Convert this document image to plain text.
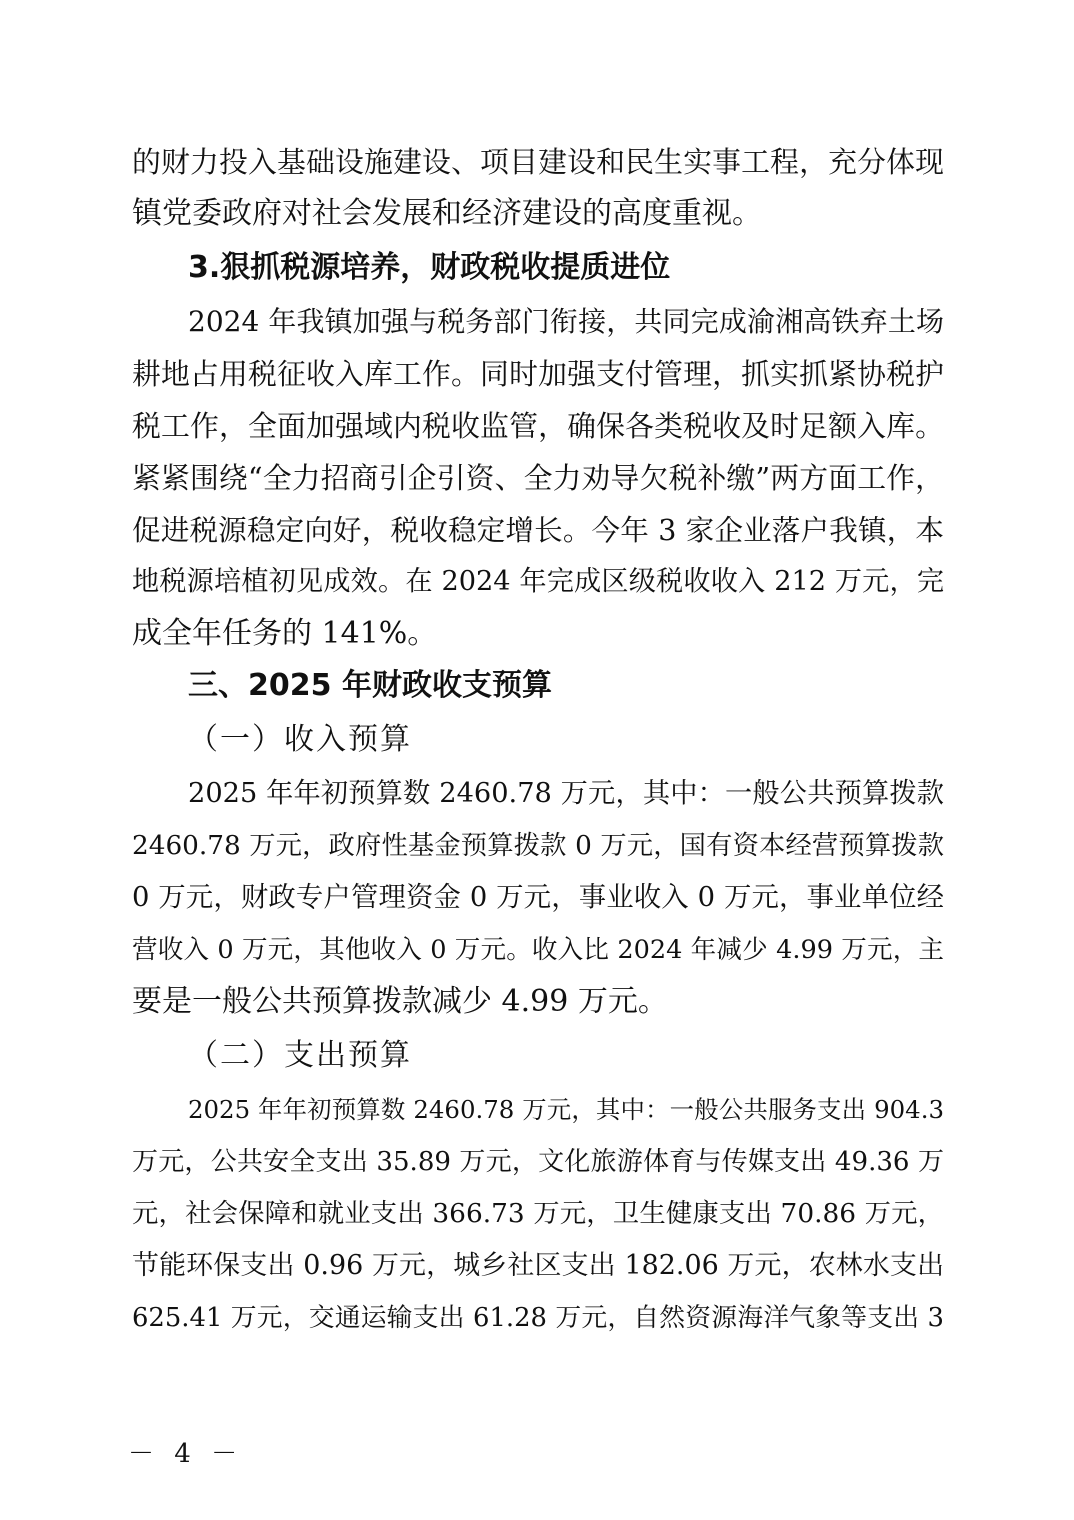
的财力投入基础设施建设、项目建设和民生实事工程，充分体现
镇党委政府对社会发展和经济建设的高度重视。
3.狠抓税源培养，财政税收提质进位
2024 年我镇加强与税务部门衔接，共同完成渝湘高铁弃土场
耕地占用税征收入库工作。同时加强支付管理，抓实抓紧协税护
税工作，全面加强域内税收监管，确保各类税收及时足额入库。
紧紧围绕“全力招商引企引资、全力劝导欠税补缴”两方面工作，
促进税源稳定向好，税收稳定增长。今年 3 家企业落户我镇，本
地税源培植初见成效。在 2024 年完成区级税收收入 212 万元，完
成全年任务的 141%。
三、2025 年财政收支预算
（一）收入预算
2025 年年初预算数 2460.78 万元，其中：一般公共预算拨款
2460.78 万元，政府性基金预算拨款 0 万元，国有资本经营预算拨款
0 万元，财政专户管理资金 0 万元，事业收入 0 万元，事业单位经
营收入 0 万元，其他收入 0 万元。收入比 2024 年减少 4.99 万元，主
要是一般公共预算拨款减少 4.99 万元。
（二）支出预算
2025 年年初预算数 2460.78 万元，其中：一般公共服务支出 904.3
万元，公共安全支出 35.89 万元，文化旅游体育与传媒支出 49.36 万
元，社会保障和就业支出 366.73 万元，卫生健康支出 70.86 万元，
节能环保支出 0.96 万元，城乡社区支出 182.06 万元，农林水支出
625.41 万元，交通运输支出 61.28 万元，自然资源海洋气象等支出 3
－ 4 －
